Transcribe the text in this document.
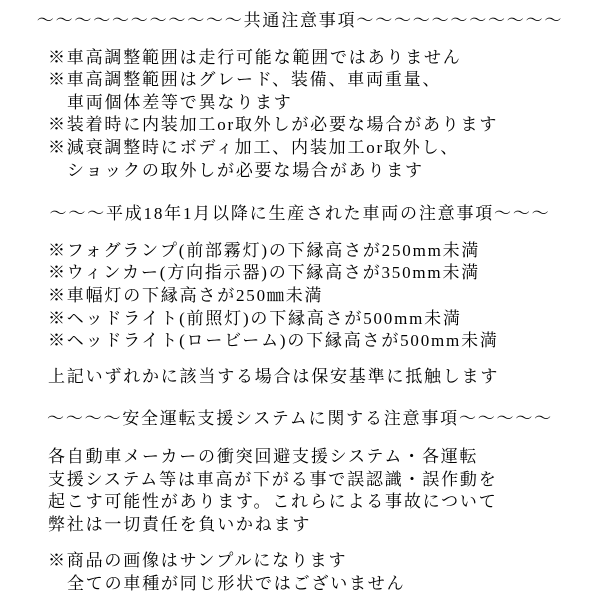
～～～～～～～～～～～共通注意事項～～～～～～～～～～～
※車高調整範囲は走行可能な範囲ではありません
※車高調整範囲はグレード、装備、車両重量、
車両個体差等で異なります
※装着時に内装加工or取外しが必要な場合があります
※減衰調整時にボディ加工、内装加工or取外し、
ショックの取外しが必要な場合があります
～～～平成18年1月以降に生産された車両の注意事項～～～
※フォグランプ(前部霧灯)の下縁高さが250mm未満
※ウィンカー(方向指示器)の下縁高さが350mm未満
※車幅灯の下縁高さが250㎜未満
※ヘッドライト(前照灯)の下縁高さが500mm未満
※ヘッドライト(ロービーム)の下縁高さが500mm未満
上記いずれかに該当する場合は保安基準に抵触します
～～～～安全運転支援システムに関する注意事項～～～～～
各自動車メーカーの衝突回避支援システム・各運転
支援システム等は車高が下がる事で誤認識・誤作動を
起こす可能性があります。これらによる事故について
弊社は一切責任を負いかねます
※商品の画像はサンプルになります
全ての車種が同じ形状ではございません
